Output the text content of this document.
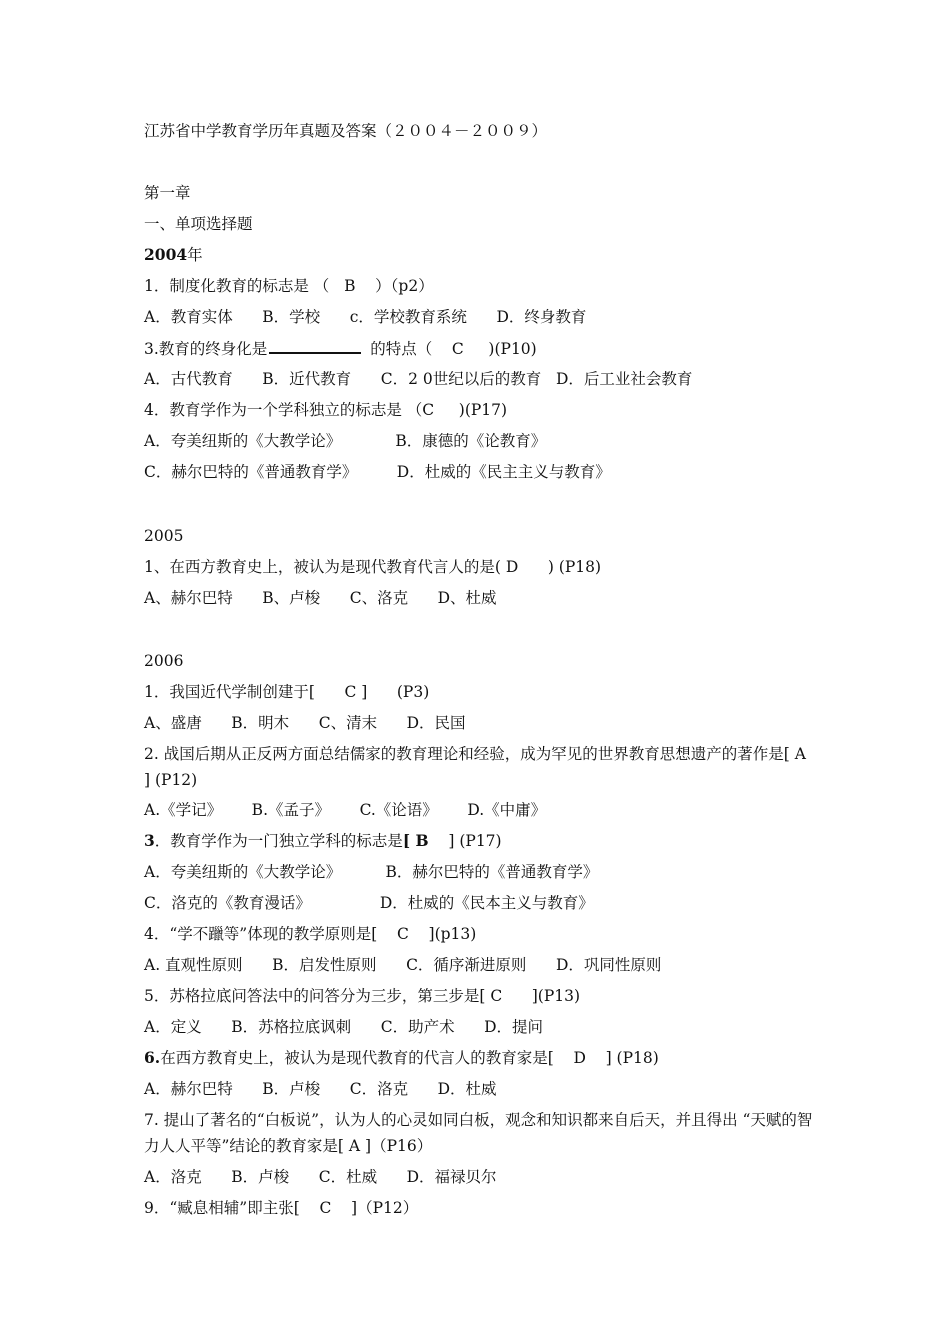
江苏省中学教育学历年真题及答案（２００４－２００９）
第一章
一、单项选择题
2004年
1．制度化教育的标志是 （   B    ）（p2）
A．教育实体      B．学校      c．学校教育系统      D．终身教育
3.教育的终身化是	的特点（    C     )(P10)
A．古代教育      B．近代教育      C．2 0世纪以后的教育   D．后工业社会教育
4．教育学作为一个学科独立的标志是 （C     )(P17)
A．夸美纽斯的《大教学论》           B．康德的《论教育》
C．赫尔巴特的《普通教育学》        D．杜威的《民主主义与教育》
2005
1、在西方教育史上，被认为是现代教育代言人的是( D      ) (P18)
A、赫尔巴特      B、卢梭      C、洛克      D、杜威
2006
1．我国近代学制创建于[      C ]      (P3)
A、盛唐      B．明木      C、清末      D．民国
2. 战国后期从正反两方面总结儒家的教育理论和经验，成为罕见的世界教育思想遗产的著作是[ A ] (P12)
A.《学记》      B.《孟子》      C.《论语》      D.《中庸》
3．教育学作为一门独立学科的标志是[ B    ] (P17)
A．夸美纽斯的《大教学论》         B．赫尔巴特的《普通教育学》
C．洛克的《教育漫话》              D．杜威的《民本主义与教育》
4．“学不躐等”体现的教学原则是[    C    ](p13)
A. 直观性原则      B．启发性原则      C．循序渐进原则      D．巩同性原则
5．苏格拉底问答法中的问答分为三步，第三步是[ C      ](P13)
A．定义      B．苏格拉底讽刺      C．助产术      D．提问
6.在西方教育史上，被认为是现代教育的代言人的教育家是[    D    ] (P18)
A．赫尔巴特      B．卢梭      C．洛克      D．杜威
7. 提山了著名的“白板说”，认为人的心灵如同白板，观念和知识都来自后天，并且得出 “天赋的智力人人平等”结论的教育家是[ A ]（P16）
A．洛克      B．卢梭      C．杜威      D．福禄贝尔
9．“臧息相辅”即主张[    C    ]（P12）
